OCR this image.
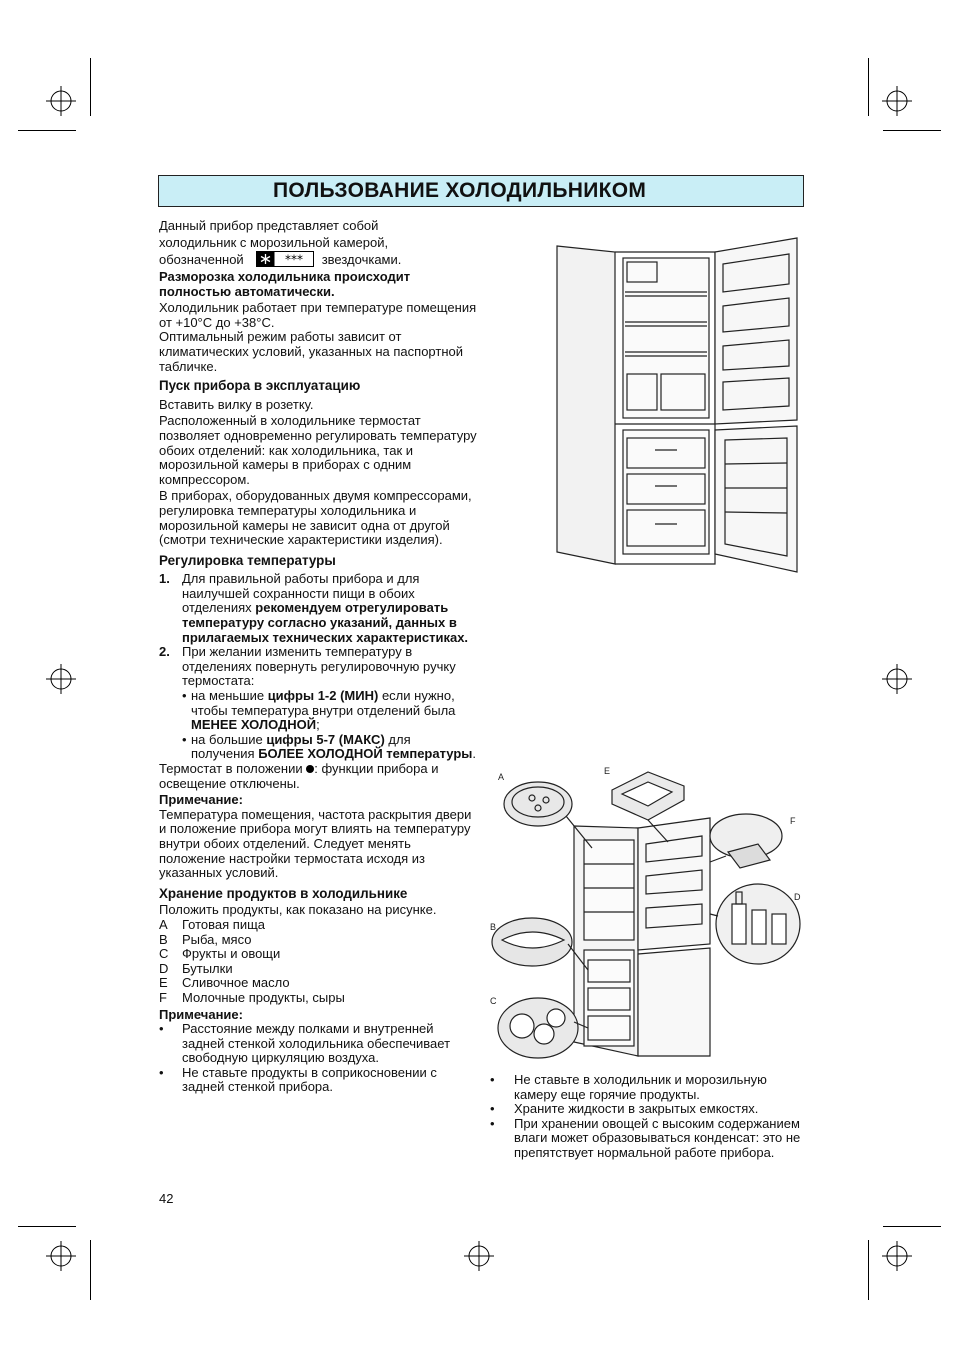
ПОЛЬЗОВАНИЕ ХОЛОДИЛЬНИКОМ

Данный прибор представляет собой

холодильник с морозильной камерой,

обозначенной	*** звездочками.

Разморозка холодильника происходит полностью автоматически.

Холодильник работает при температуре помещения от +10°С до +38°С.

Оптимальный режим работы зависит от климатических условий, указанных на паспортной табличке.

Пуск прибора в эксплуатацию

Вставить вилку в розетку.

Расположенный в холодильнике термостат позволяет одновременно регулировать температуру обоих отделений: как холодильника, так и морозильной камеры в приборах с одним компрессором.

В приборах, оборудованных двумя компрессорами, регулировка температуры холодильника и морозильной камеры не зависит одна от другой (смотри технические характеристики изделия).

Регулировка температуры

1. Для правильной работы прибора и для наилучшей сохранности пищи в обоих отделениях рекомендуем отрегулировать температуру согласно указаний, данных в прилагаемых технических характеристиках.
2. При желании изменить температуру в отделениях повернуть регулировочную ручку термостата:
• на меньшие цифры 1-2 (МИН) если нужно, чтобы температура внутри отделений была МЕНЕЕ ХОЛОДНОЙ;
• на большие цифры 5-7 (МАКС) для получения БОЛЕЕ ХОЛОДНОЙ температуры.

Термостат в положении : функции прибора и освещение отключены.

Примечание:

Температура помещения, частота раскрытия двери и положение прибора могут влиять на температуру внутри обоих отделений. Следует менять положение настройки термостата исходя из указанных условий.

Хранение продуктов в холодильнике

Положить продукты, как показано на рисунке.

A Готовая пища
B Рыба, мясо
C Фрукты и овощи
D Бутылки
E Сливочное масло
F Молочные продукты, сыры

Примечание:

• Расстояние между полками и внутренней задней стенкой холодильника обеспечивает свободную циркуляцию воздуха.
• Не ставьте продукты в соприкосновении с задней стенкой прибора.
42
A
E
F
B
D
C
• Не ставьте в холодильник и морозильную камеру еще горячие продукты.
• Храните жидкости в закрытых емкостях.
• При хранении овощей с высоким содержанием влаги может образовываться конденсат: это не препятствует нормальной работе прибора.
